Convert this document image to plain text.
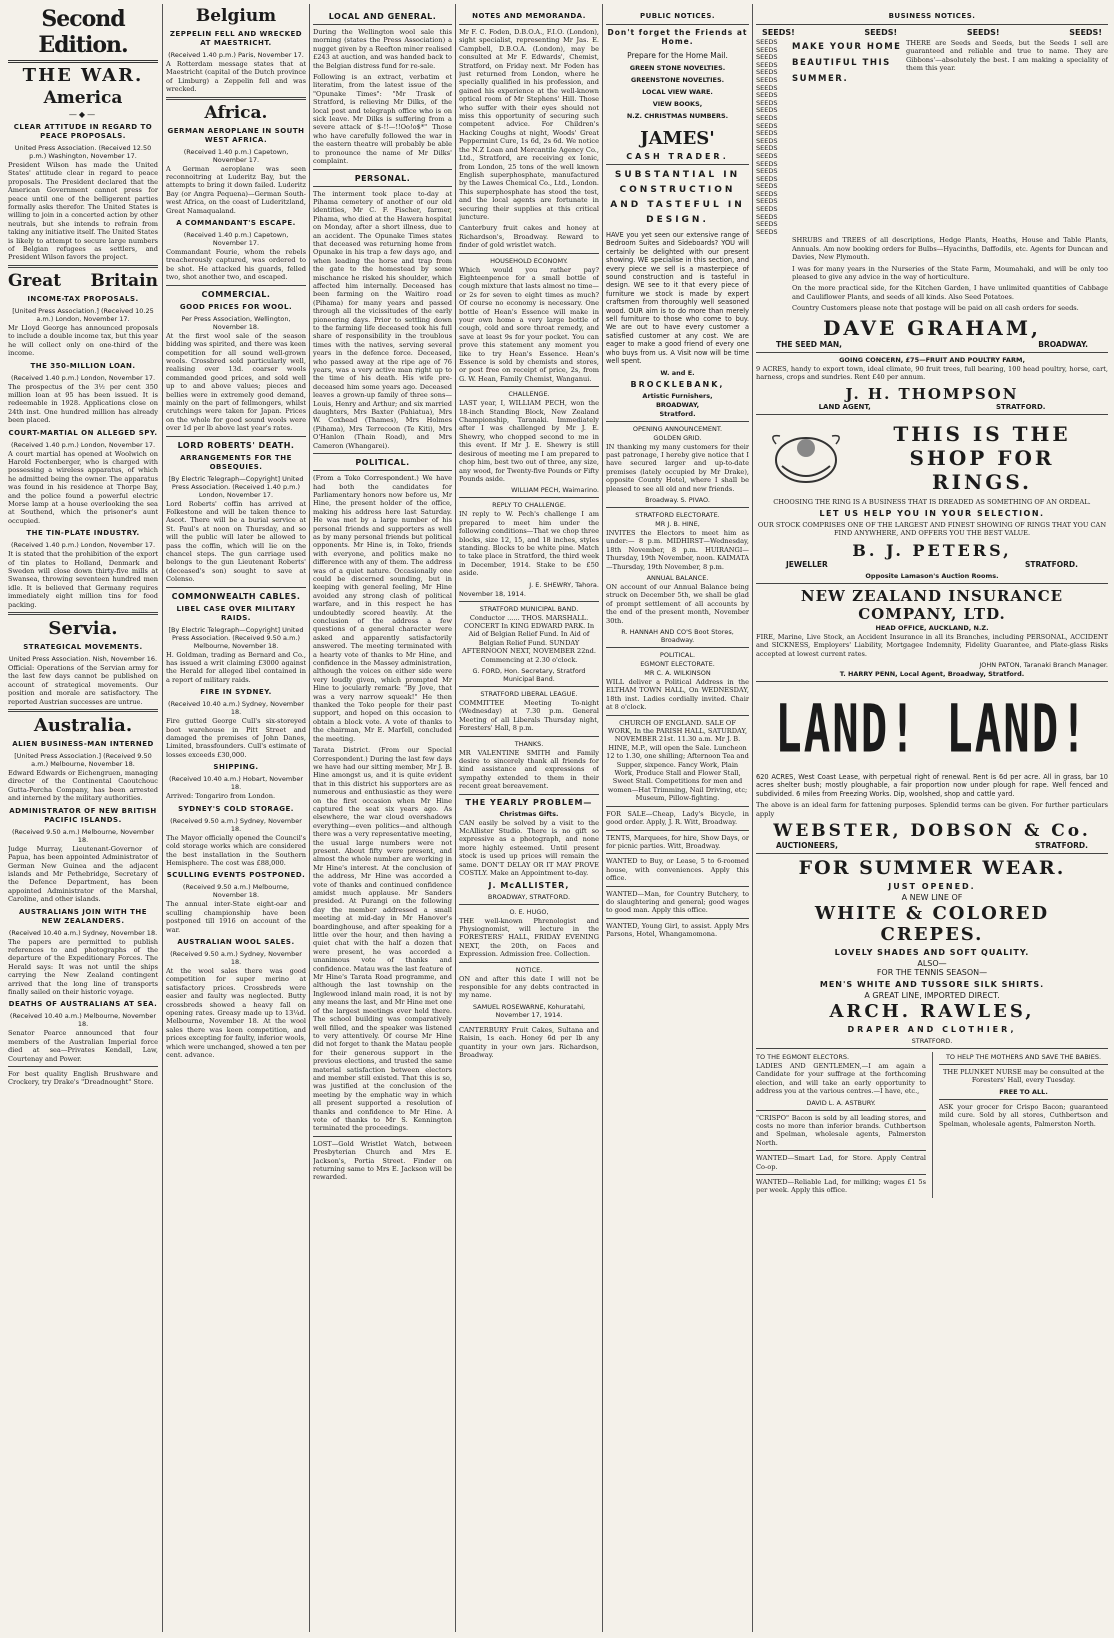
Second Edition.
THE WAR.
America
—◆—
CLEAR ATTITUDE IN REGARD TO PEACE PROPOSALS.
United Press Association. (Received 12.50 p.m.) Washington, November 17.

President Wilson has made the United States' attitude clear in regard to peace proposals. The President declared that the American Government cannot press for peace until one of the belligerent parties formally asks therefor. The United States is willing to join in a concerted action by other neutrals, but she intends to refrain from taking any initiative itself. The United States is likely to attempt to secure large numbers of Belgian refugees as settlers, and President Wilson favors the project.

Great Britain
INCOME-TAX PROPOSALS.
[United Press Association.] (Received 10.25 a.m.) London, November 17.

Mr Lloyd George has announced proposals to include a double income tax, but this year he will collect only on one-third of the income.

THE 350-MILLION LOAN.
(Received 1.40 p.m.) London, November 17.

The prospectus of the 3½ per cent 350 million loan at 95 has been issued. It is redeemable in 1928. Applications close on 24th inst. One hundred million has already been placed.

COURT-MARTIAL ON ALLEGED SPY.
(Received 1.40 p.m.) London, November 17.

A court martial has opened at Woolwich on Harold Foctenberger, who is charged with possessing a wireless apparatus, of which he admitted being the owner. The apparatus was found in his residence at Thorpe Bay, and the police found a powerful electric Morse lamp at a house overlooking the sea at Southend, which the prisoner's aunt occupied.

THE TIN-PLATE INDUSTRY.
(Received 1.40 p.m.) London, November 17.

It is stated that the prohibition of the export of tin plates to Holland, Denmark and Sweden will close down thirty-five mills at Swansea, throwing seventeen hundred men idle. It is believed that Germany requires immediately eight million tins for food packing.

Servia.
STRATEGICAL MOVEMENTS.
United Press Association. Nish, November 16.

Official: Operations of the Servian army for the last few days cannot be published on account of strategical movements. Our position and morale are satisfactory. The reported Austrian successes are untrue.

Australia.
ALIEN BUSINESS-MAN INTERNED
[United Press Association.] (Received 9.50 a.m.) Melbourne, November 18.

Edward Edwards or Eichengruen, managing director of the Continental Caoutchouc Gutta-Percha Company, has been arrested and interned by the military authorities.

ADMINISTRATOR OF NEW BRITISH PACIFIC ISLANDS.
(Received 9.50 a.m.) Melbourne, November 18.

Judge Murray, Lieutenant-Governor of Papua, has been appointed Administrator of German New Guinea and the adjacent islands and Mr Pethebridge, Secretary of the Defence Department, has been appointed Administrator of the Marshal, Caroline, and other islands.

AUSTRALIANS JOIN WITH THE NEW ZEALANDERS.
(Received 10.40 a.m.) Sydney, November 18.

The papers are permitted to publish references to and photographs of the departure of the Expeditionary Forces. The Herald says: It was not until the ships carrying the New Zealand contingent arrived that the long line of transports finally sailed on their historic voyage.

DEATHS OF AUSTRALIANS AT SEA.
(Received 10.40 a.m.) Melbourne, November 18.

Senator Pearce announced that four members of the Australian Imperial force died at sea—Privates Kendall, Law, Courtenay and Power.

For best quality English Brushware and Crockery, try Drake's "Dreadnought" Store.

Belgium
ZEPPELIN FELL AND WRECKED AT MAESTRICHT.
(Received 1.40 p.m.) Paris, November 17.

A Rotterdam message states that at Maestricht (capital of the Dutch province of Limburg) a Zeppelin fell and was wrecked.

Africa.
GERMAN AEROPLANE IN SOUTH WEST AFRICA.
(Received 1.40 p.m.) Capetown, November 17.

A German aeroplane was seen reconnoitring at Luderitz Bay, but the attempts to bring it down failed. Luderitz Bay (or Angra Pequena)—German South-west Africa, on the coast of Luderitzland, Great Namaqualand.

A COMMANDANT'S ESCAPE.
(Received 1.40 p.m.) Capetown, November 17.

Commandant Fourie, whom the rebels treacherously captured, was ordered to be shot. He attacked his guards, felled two, shot another two, and escaped.

COMMERCIAL.
GOOD PRICES FOR WOOL.
Per Press Association, Wellington, November 18.

At the first wool sale of the season bidding was spirited, and there was keen competition for all sound well-grown wools. Crossbred sold particularly well, realising over 13d. coarser wools commanded good prices, and sold well up to and above values; pieces and bellies were in extremely good demand, mainly on the part of fellmongers, whilst crutchings were taken for Japan. Prices on the whole for good sound wools were over 1d per lb above last year's rates.

LORD ROBERTS' DEATH.
ARRANGEMENTS FOR THE OBSEQUIES.
[By Electric Telegraph—Copyright] United Press Association. (Received 1.40 p.m.) London, November 17.

Lord Roberts' coffin has arrived at Folkestone and will be taken thence to Ascot. There will be a burial service at St. Paul's at noon on Thursday, and so will the public will later be allowed to pass the coffin, which will lie on the chancel steps. The gun carriage used belongs to the gun Lieutenant Roberts' (deceased's son) sought to save at Colenso.

COMMONWEALTH CABLES.
LIBEL CASE OVER MILITARY RAIDS.
[By Electric Telegraph—Copyright] United Press Association. (Received 9.50 a.m.) Melbourne, November 18.

H. Goldman, trading as Bernard and Co., has issued a writ claiming £3000 against the Herald for alleged libel contained in a report of military raids.

FIRE IN SYDNEY.
(Received 10.40 a.m.) Sydney, November 18.

Fire gutted George Cull's six-storeyed boot warehouse in Pitt Street and damaged the premises of John Danes, Limited, brassfounders. Cull's estimate of losses exceeds £30,000.

SHIPPING.
(Received 10.40 a.m.) Hobart, November 18.

Arrived: Tongariro from London.

SYDNEY'S COLD STORAGE.
(Received 9.50 a.m.) Sydney, November 18.

The Mayor officially opened the Council's cold storage works which are considered the best installation in the Southern Hemisphere. The cost was £88,000.

SCULLING EVENTS POSTPONED.
(Received 9.50 a.m.) Melbourne, November 18.

The annual inter-State eight-oar and sculling championship have been postponed till 1916 on account of the war.

AUSTRALIAN WOOL SALES.
(Received 9.50 a.m.) Sydney, November 18.

At the wool sales there was good competition for super merino at satisfactory prices. Crossbreds were easier and faulty was neglected. Butty crossbreds showed a heavy fall on opening rates. Greasy made up to 13¼d. Melbourne, November 18. At the wool sales there was keen competition, and prices excepting for faulty, inferior wools, which were unchanged, showed a ten per cent. advance.

LOCAL AND GENERAL.

During the Wellington wool sale this morning (states the Press Association) a nugget given by a Reefton miner realised £243 at auction, and was handed back to the Belgian distress fund for re-sale.

Following is an extract, verbatim et literatim, from the latest issue of the "Opunake Times": "Mr Trask of Stratford, is relieving Mr Dilks, of the local post and telegraph office who is on sick leave. Mr Dilks is suffering from a severe attack of $-!!—!!Oo!o$*" Those who have carefully followed the war in the eastern theatre will probably be able to pronounce the name of Mr Dilks' complaint.

PERSONAL.

The interment took place to-day at Pihama cemetery of another of our old identities, Mr C. F. Fischer, farmer, Pihama, who died at the Hawera hospital on Monday, after a short illness, due to an accident. The Opunake Times states that deceased was returning home from Opunake in his trap a few days ago, and when leading the horse and trap from the gate to the homestead by some mischance he risked his shoulder, which affected him internally. Deceased has been farming on the Waitiro road (Pihama) for many years and passed through all the vicissitudes of the early pioneering days. Prior to settling down to the farming life deceased took his full share of responsibility in the troublous times with the natives, serving several years in the defence force. Deceased, who passed away at the ripe age of 76 years, was a very active man right up to the time of his death. His wife pre-deceased him some years ago. Deceased leaves a grown-up family of three sons—Louis, Henry and Arthur; and six married daughters, Mrs Baxter (Pahiatua), Mrs W. Coxhead (Thames), Mrs Holmes (Pihama), Mrs Terrecoon (Te Kiti), Mrs O'Hanlon (Thain Road), and Mrs Cameron (Whangarei).

POLITICAL.

(From a Toko Correspondent.) We have had both the candidates for Parliamentary honors now before us, Mr Hine, the present holder of the office, making his address here last Saturday. He was met by a large number of his personal friends and supporters as well as by many personal friends but political opponents. Mr Hine is, in Toko, friends with everyone, and politics make no difference with any of them. The address was of a quiet nature. Occasionally one could be discerned sounding, but in keeping with general feeling, Mr Hine avoided any strong clash of political warfare, and in this respect he has undoubtedly scored heavily. At the conclusion of the address a few questions of a general character were asked and apparently satisfactorily answered. The meeting terminated with a hearty vote of thanks to Mr Hine, and confidence in the Massey administration, although the voices on either side were very loudly given, which prompted Mr Hine to jocularly remark: "By Jove, that was a very narrow squeak!" He then thanked the Toko people for their past support, and hoped on this occasion to obtain a block vote. A vote of thanks to the chairman, Mr E. Marfell, concluded the meeting.

Tarata District. (From our Special Correspondent.) During the last few days we have had our sitting member, Mr J. B. Hine amongst us, and it is quite evident that in this district his supporters are as numerous and enthusiastic as they were on the first occasion when Mr Hine captured the seat six years ago. As elsewhere, the war cloud overshadows everything—even politics—and although there was a very representative meeting, the usual large numbers were not present. About fifty were present, and almost the whole number are working in Mr Hine's interest. At the conclusion of the address, Mr Hine was accorded a vote of thanks and continued confidence amidst much applause. Mr Sanders presided. At Purangi on the following day the member addressed a small meeting at mid-day in Mr Hanover's boardinghouse, and after speaking for a little over the hour, and then having a quiet chat with the half a dozen that were present, he was accorded a unanimous vote of thanks and confidence. Matau was the last feature of Mr Hine's Tarata Road programme, and although the last township on the Inglewood inland main road, it is not by any means the last, and Mr Hine met one of the largest meetings ever held there. The school building was comparatively well filled, and the speaker was listened to very attentively. Of course Mr Hine did not forget to thank the Matau people for their generous support in the previous elections, and trusted the same material satisfaction between electors and member still existed. That this is so, was justified at the conclusion of the meeting by the emphatic way in which all present supported a resolution of thanks and confidence to Mr Hine. A vote of thanks to Mr S. Kennington terminated the proceedings.

LOST—Gold Wristlet Watch, between Presbyterian Church and Mrs E. Jackson's, Portia Street. Finder on returning same to Mrs E. Jackson will be rewarded.

NOTES AND MEMORANDA.

Mr F. C. Foden, D.B.O.A., F.I.O. (London), sight specialist, representing Mr Jas. E. Campbell, D.B.O.A. (London), may be consulted at Mr F. Edwards', Chemist, Stratford, on Friday next. Mr Foden has just returned from London, where he specially qualified in his profession, and gained his experience at the well-known optical room of Mr Stephens' Hill. Those who suffer with their eyes should not miss this opportunity of securing such competent advice. For Children's Hacking Coughs at night, Woods' Great Peppermint Cure, 1s 6d, 2s 6d. We notice the N.Z Loan and Mercantile Agency Co., Ltd., Stratford, are receiving ex Ionic, from London, 25 tons of the well known English superphosphate, manufactured by the Lawes Chemical Co., Ltd., London. This superphosphate has stood the test, and the local agents are fortunate in securing their supplies at this critical juncture.

Canterbury fruit cakes and honey at Richardson's, Broadway. Reward to finder of gold wristlet watch.

HOUSEHOLD ECONOMY.

Which would you rather pay? Eighteenpence for a small bottle of cough mixture that lasts almost no time—or 2s for seven to eight times as much? Of course no economy is necessary. One bottle of Hean's Essence will make in your own home a very large bottle of cough, cold and sore throat remedy, and save at least 9s for your pocket. You can prove this statement any moment you like to try Hean's Essence. Hean's Essence is sold by chemists and stores, or post free on receipt of price, 2s, from G. W. Hean, Family Chemist, Wanganui.

CHALLENGE.

LAST year, I, WILLIAM PECH, won the 18-inch Standing Block, New Zealand Championship, Taranaki. Immediately after I was challenged by Mr J. E. Shewry, who chopped second to me in this event. If Mr J. E. Shewry is still desirous of meeting me I am prepared to chop him, best two out of three, any size, any wood, for Twenty-five Pounds or Fifty Pounds aside.

WILLIAM PECH, Waimarino.
REPLY TO CHALLENGE.

IN reply to W. Pech's challenge I am prepared to meet him under the following conditions—That we chop three blocks, size 12, 15, and 18 inches, styles standing. Blocks to be white pine. Match to take place in Stratford, the third week in December, 1914. Stake to be £50 aside.

J. E. SHEWRY, Tahora.
November 18, 1914.
STRATFORD MUNICIPAL BAND.

Conductor ...... THOS. MARSHALL. CONCERT In KING EDWARD PARK. In Aid of Belgian Relief Fund. In Aid of Belgian Relief Fund. SUNDAY AFTERNOON NEXT, NOVEMBER 22nd. Commencing at 2.30 o'clock.

G. FORD, Hon. Secretary, Stratford Municipal Band.
STRATFORD LIBERAL LEAGUE.

COMMITTEE Meeting To-night (Wednesday) at 7.30 p.m. General Meeting of all Liberals Thursday night, Foresters' Hall, 8 p.m.

THANKS.

MR VALENTINE SMITH and Family desire to sincerely thank all friends for kind assistance and expressions of sympathy extended to them in their recent great bereavement.

THE YEARLY PROBLEM—
Christmas Gifts.

CAN easily be solved by a visit to the McAllister Studio. There is no gift so expressive as a photograph, and none more highly esteemed. Until present stock is used up prices will remain the same. DON'T DELAY OR IT MAY PROVE COSTLY. Make an Appointment to-day.

J. McALLISTER,
BROADWAY, STRATFORD.
O. E. HUGO,

THE well-known Phrenologist and Physiognomist, will lecture in the FORESTERS' HALL, FRIDAY EVENING NEXT, the 20th, on Faces and Expression. Admission free. Collection.

NOTICE.

ON and after this date I will not be responsible for any debts contracted in my name.

SAMUEL ROSEWARNE, Kohuratahi, November 17, 1914.

CANTERBURY Fruit Cakes, Sultana and Raisin, 1s each. Honey 6d per lb any quantity in your own jars. Richardson, Broadway.

PUBLIC NOTICES.
Don't forget the Friends at Home.
Prepare for the Home Mail.
GREEN STONE NOVELTIES.
GREENSTONE NOVELTIES.
LOCAL VIEW WARE.
VIEW BOOKS,
N.Z. CHRISTMAS NUMBERS.
JAMES'
CASH TRADER.
SUBSTANTIAL IN CONSTRUCTION AND TASTEFUL IN DESIGN.

HAVE you yet seen our extensive range of Bedroom Suites and Sideboards? YOU will certainly be delighted with our present showing. WE specialise in this section, and every piece we sell is a masterpiece of sound construction and is tasteful in design. WE see to it that every piece of furniture we stock is made by expert craftsmen from thoroughly well seasoned wood. OUR aim is to do more than merely sell furniture to those who come to buy. We are out to have every customer a satisfied customer at any cost. We are eager to make a good friend of every one who buys from us. A Visit now will be time well spent.

W. and E.
BROCKLEBANK,
Artistic Furnishers,
BROADWAY,
Stratford.
OPENING ANNOUNCEMENT.
GOLDEN GRID.

IN thanking my many customers for their past patronage, I hereby give notice that I have secured larger and up-to-date premises (lately occupied by Mr Drake), opposite County Hotel, where I shall be pleased to see all old and new friends.

Broadway. S. PIVAO.
STRATFORD ELECTORATE.
MR J. B. HINE,

INVITES the Electors to meet him as under:— 8 p.m. MIDHIRST—Wednesday, 18th November, 8 p.m. HUIRANGI—Thursday, 19th November, noon. KAIMATA—Thursday, 19th November, 8 p.m.

ANNUAL BALANCE.

ON account of our Annual Balance being struck on December 5th, we shall be glad of prompt settlement of all accounts by the end of the present month, November 30th.

R. HANNAH AND CO'S Boot Stores, Broadway.
POLITICAL.
EGMONT ELECTORATE.
MR C. A. WILKINSON

WILL deliver a Political Address in the ELTHAM TOWN HALL, On WEDNESDAY, 18th inst. Ladies cordially invited. Chair at 8 o'clock.

CHURCH OF ENGLAND. SALE OF WORK, In the PARISH HALL, SATURDAY, NOVEMBER 21st. 11.30 a.m. Mr J. B. HINE, M.P., will open the Sale. Luncheon 12 to 1.30, one shilling; Afternoon Tea and Supper, sixpence. Fancy Work, Plain Work, Produce Stall and Flower Stall, Sweet Stall. Competitions for men and women—Hat Trimming, Nail Driving, etc; Museum, Pillow-fighting.

FOR SALE—Cheap, Lady's Bicycle, in good order. Apply, J. R. Witt, Broadway.

TENTS, Marquees, for hire, Show Days, or for picnic parties. Witt, Broadway.

WANTED to Buy, or Lease, 5 to 6-roomed house, with conveniences. Apply this office.

WANTED—Man, for Country Butchery, to do slaughtering and general; good wages to good man. Apply this office.

WANTED, Young Girl, to assist. Apply Mrs Parsons, Hotel, Whangamomona.

BUSINESS NOTICES.
SEEDS!	SEEDS!	SEEDS!	SEEDS!
SEEDS
SEEDS
SEEDS
SEEDS
SEEDS
SEEDS
SEEDS
SEEDS
SEEDS
SEEDS
SEEDS
SEEDS
SEEDS
SEEDS
SEEDS
SEEDS
SEEDS
SEEDS
SEEDS
SEEDS
SEEDS
SEEDS
SEEDS
SEEDS
SEEDS
SEEDS
MAKE YOUR HOME BEAUTIFUL THIS SUMMER.

THERE are Seeds and Seeds, but the Seeds I sell are guaranteed and reliable and true to name. They are Gibbons'—absolutely the best. I am making a speciality of them this year.

SHRUBS and TREES of all descriptions, Hedge Plants, Heaths, House and Table Plants, Annuals. Am now booking orders for Bulbs—Hyacinths, Daffodils, etc. Agents for Duncan and Davies, New Plymouth.

I was for many years in the Nurseries of the State Farm, Moumahaki, and will be only too pleased to give any advice in the way of horticulture.

On the more practical side, for the Kitchen Garden, I have unlimited quantities of Cabbage and Cauliflower Plants, and seeds of all kinds. Also Seed Potatoes.

Country Customers please note that postage will be paid on all cash orders for seeds.

DAVE GRAHAM,
THE SEED MAN,	BROADWAY.
GOING CONCERN, £75—FRUIT AND POULTRY FARM,

9 ACRES, handy to export town, ideal climate, 90 fruit trees, full bearing, 100 head poultry, horse, cart, harness, crops and sundries. Rent £40 per annum.

J. H. THOMPSON
LAND AGENT,	STRATFORD.
THIS IS THE
SHOP FOR
RINGS.

CHOOSING THE RING IS A BUSINESS THAT IS DREADED AS SOMETHING OF AN ORDEAL.

LET US HELP YOU IN YOUR SELECTION.

OUR STOCK COMPRISES ONE OF THE LARGEST AND FINEST SHOWING OF RINGS THAT YOU CAN FIND ANYWHERE, AND OFFERS YOU THE BEST VALUE.

B. J. PETERS,
JEWELLER	STRATFORD.
Opposite Lamason's Auction Rooms.
NEW ZEALAND INSURANCE COMPANY, LTD.
HEAD OFFICE, AUCKLAND, N.Z.

FIRE, Marine, Live Stock, an Accident Insurance in all its Branches, including PERSONAL, ACCIDENT and SICKNESS, Employers' Liability, Mortgagee Indemnity, Fidelity Guarantee, and Plate-glass Risks accepted at lowest current rates.

JOHN PATON, Taranaki Branch Manager.
T. HARRY PENN, Local Agent, Broadway, Stratford.
LAND! LAND!

620 ACRES, West Coast Lease, with perpetual right of renewal. Rent is 6d per acre. All in grass, bar 10 acres shelter bush; mostly ploughable, a fair proportion now under plough for rape. Well fenced and subdivided. 6 miles from Freezing Works. Dip, woolshed, shop and cattle yard.

The above is an ideal farm for fattening purposes. Splendid terms can be given. For further particulars apply

WEBSTER, DOBSON & Co.
AUCTIONEERS,	STRATFORD.
FOR SUMMER WEAR.
JUST OPENED.
A NEW LINE OF
WHITE & COLORED
CREPES.
LOVELY SHADES AND SOFT QUALITY.
ALSO—
FOR THE TENNIS SEASON—
MEN'S WHITE AND TUSSORE SILK SHIRTS.
A GREAT LINE, IMPORTED DIRECT.
ARCH. RAWLES,
DRAPER AND CLOTHIER,
STRATFORD.
TO THE EGMONT ELECTORS.

LADIES AND GENTLEMEN,—I am again a Candidate for your suffrage at the forthcoming election, and will take an early opportunity to address you at the various centres.—I have, etc.,

DAVID L. A. ASTBURY.

"CRISPO" Bacon is sold by all leading stores, and costs no more than inferior brands. Cuthbertson and Spelman, wholesale agents, Palmerston North.

WANTED—Smart Lad, for Store. Apply Central Co-op.

WANTED—Reliable Lad, for milking; wages £1 5s per week. Apply this office.

TO HELP THE MOTHERS AND SAVE THE BABIES.

THE PLUNKET NURSE may be consulted at the Foresters' Hall, every Tuesday.

FREE TO ALL.

ASK your grocer for Crispo Bacon; guaranteed mild cure. Sold by all stores, Cuthbertson and Spelman, wholesale agents, Palmerston North.
